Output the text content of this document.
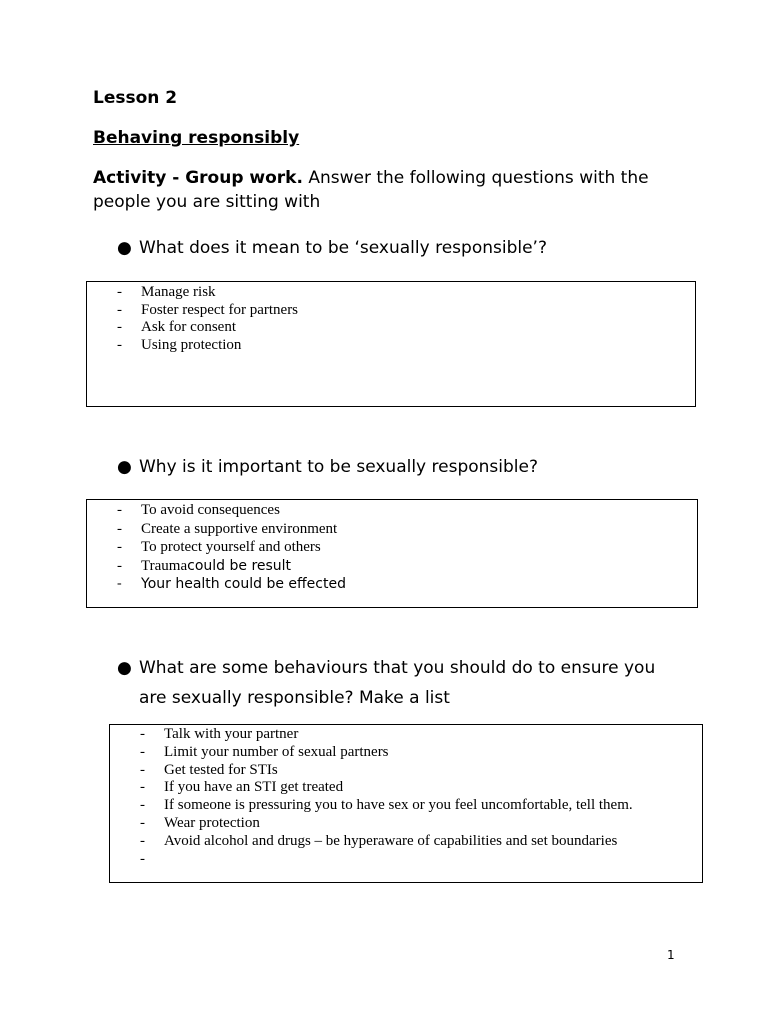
Lesson 2
Behaving responsibly
Activity - Group work. Answer the following questions with the people you are sitting with
● What does it mean to be ‘sexually responsible’?
-	Manage risk
-	Foster respect for partners
-	Ask for consent
-	Using protection
● Why is it important to be sexually responsible?
-	To avoid consequences
-	Create a supportive environment
-	To protect yourself and others
-	Trauma could be result
-	Your health could be effected
● What are some behaviours that you should do to ensure you are sexually responsible? Make a list
-	Talk with your partner
-	Limit your number of sexual partners
-	Get tested for STIs
-	If you have an STI get treated
-	If someone is pressuring you to have sex or you feel uncomfortable, tell them.
-	Wear protection
-	Avoid alcohol and drugs – be hyperaware of capabilities and set boundaries
-
1
